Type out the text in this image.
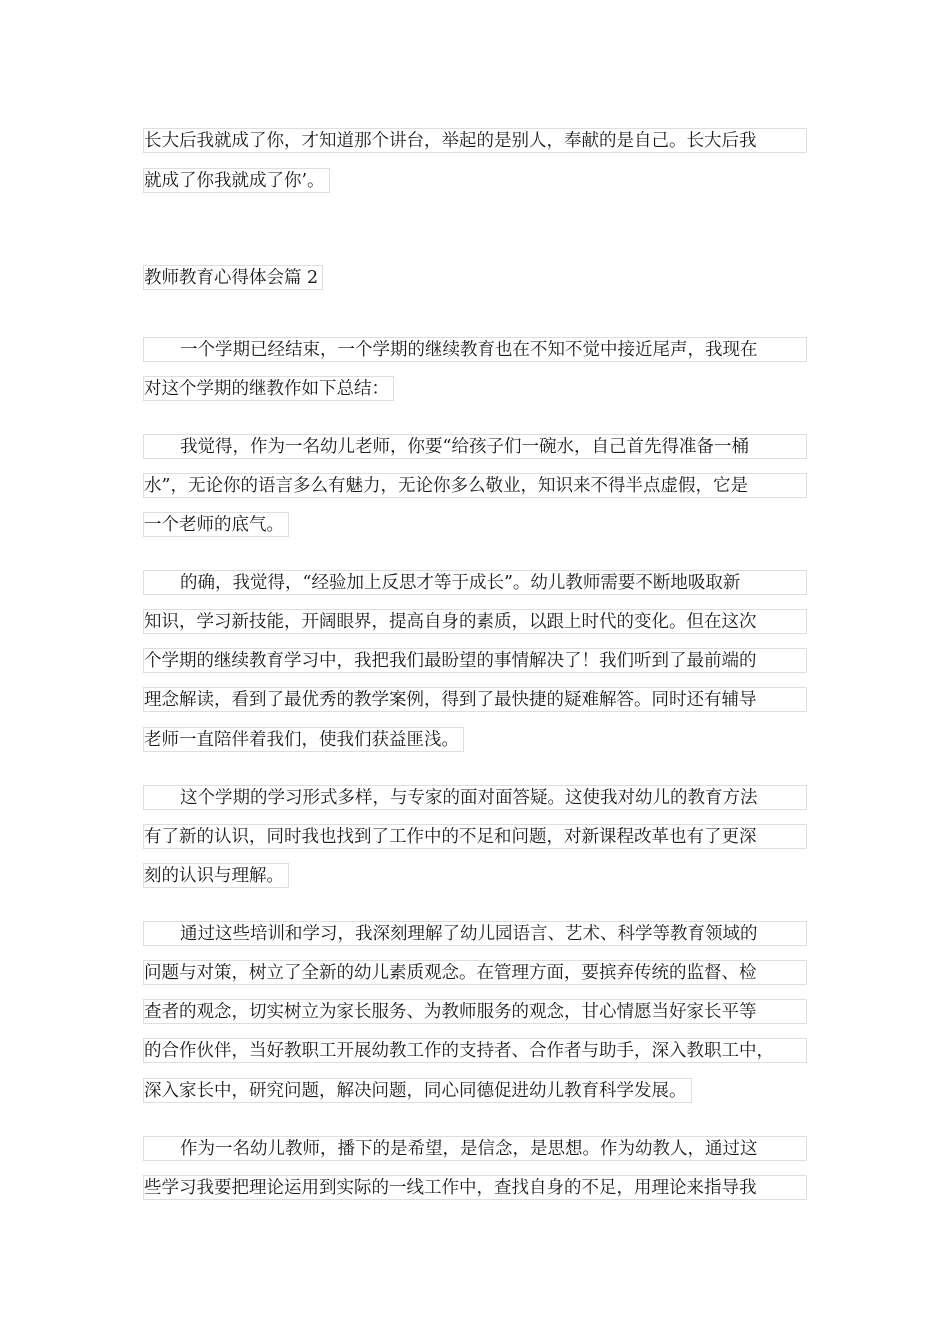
长大后我就成了你，才知道那个讲台，举起的是别人，奉献的是自己。长大后我
就成了你我就成了你’。
教师教育心得体会篇 2
一个学期已经结束，一个学期的继续教育也在不知不觉中接近尾声，我现在
对这个学期的继教作如下总结：
我觉得，作为一名幼儿老师，你要“给孩子们一碗水，自己首先得准备一桶
水”，无论你的语言多么有魅力，无论你多么敬业，知识来不得半点虚假，它是
一个老师的底气。
的确，我觉得，“经验加上反思才等于成长”。幼儿教师需要不断地吸取新
知识，学习新技能，开阔眼界，提高自身的素质，以跟上时代的变化。但在这次
个学期的继续教育学习中，我把我们最盼望的事情解决了！我们听到了最前端的
理念解读，看到了最优秀的教学案例，得到了最快捷的疑难解答。同时还有辅导
老师一直陪伴着我们，使我们获益匪浅。
这个学期的学习形式多样，与专家的面对面答疑。这使我对幼儿的教育方法
有了新的认识，同时我也找到了工作中的不足和问题，对新课程改革也有了更深
刻的认识与理解。
通过这些培训和学习，我深刻理解了幼儿园语言、艺术、科学等教育领域的
问题与对策，树立了全新的幼儿素质观念。在管理方面，要摈弃传统的监督、检
查者的观念，切实树立为家长服务、为教师服务的观念，甘心情愿当好家长平等
的合作伙伴，当好教职工开展幼教工作的支持者、合作者与助手，深入教职工中，
深入家长中，研究问题，解决问题，同心同德促进幼儿教育科学发展。
作为一名幼儿教师，播下的是希望，是信念，是思想。作为幼教人，通过这
些学习我要把理论运用到实际的一线工作中，查找自身的不足，用理论来指导我
